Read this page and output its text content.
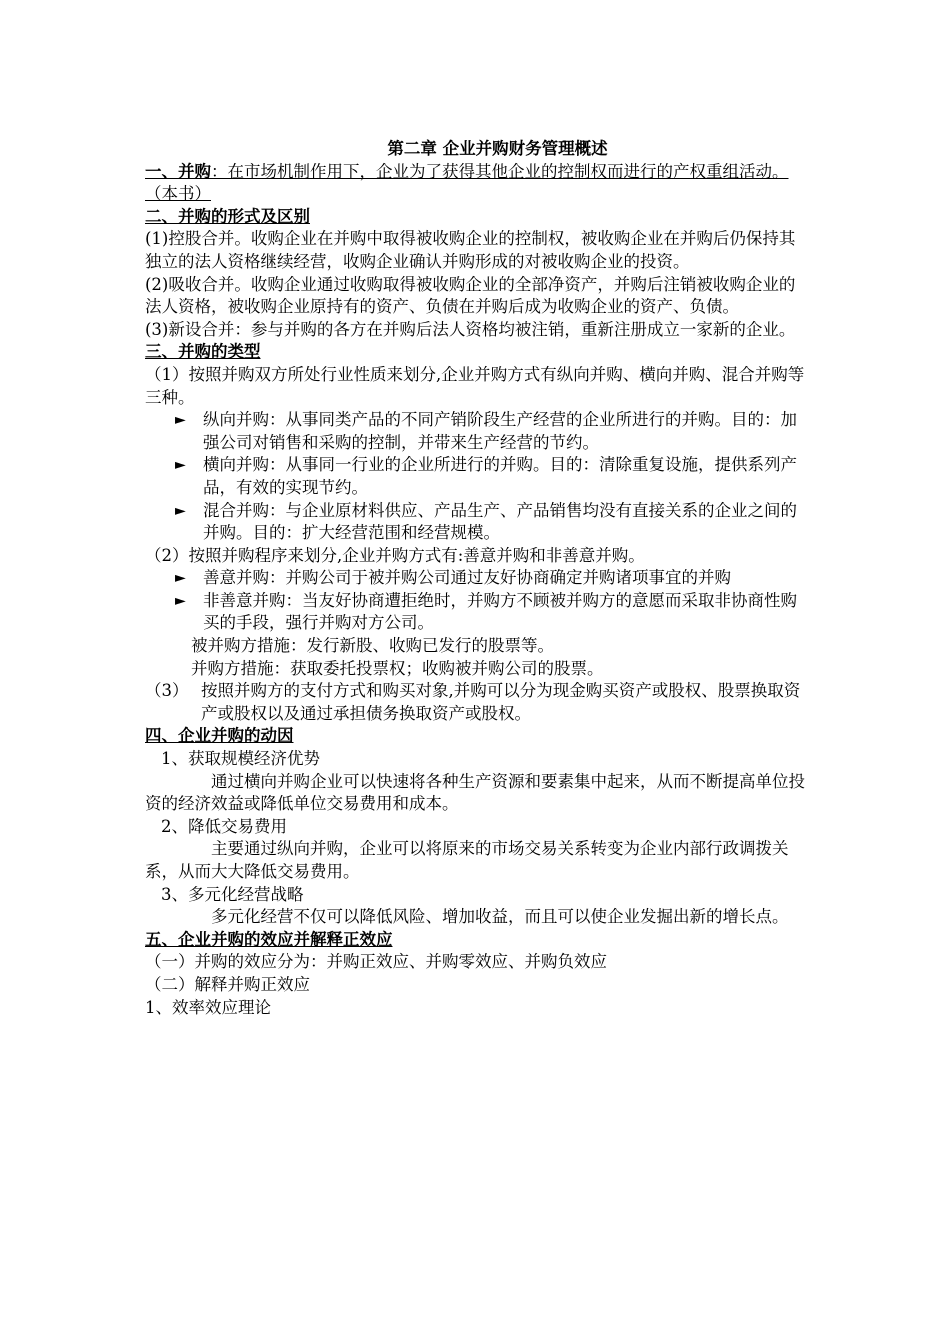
第二章 企业并购财务管理概述
一、并购：在市场机制作用下，企业为了获得其他企业的控制权而进行的产权重组活动。（本书）
二、并购的形式及区别
(1)控股合并。收购企业在并购中取得被收购企业的控制权，被收购企业在并购后仍保持其独立的法人资格继续经营，收购企业确认并购形成的对被收购企业的投资。
(2)吸收合并。收购企业通过收购取得被收购企业的全部净资产，并购后注销被收购企业的法人资格，被收购企业原持有的资产、负债在并购后成为收购企业的资产、负债。
(3)新设合并：参与并购的各方在并购后法人资格均被注销，重新注册成立一家新的企业。
三、并购的类型
（1）按照并购双方所处行业性质来划分,企业并购方式有纵向并购、横向并购、混合并购等三种。
► 纵向并购：从事同类产品的不同产销阶段生产经营的企业所进行的并购。目的：加强公司对销售和采购的控制，并带来生产经营的节约。
► 横向并购：从事同一行业的企业所进行的并购。目的：清除重复设施，提供系列产品，有效的实现节约。
► 混合并购：与企业原材料供应、产品生产、产品销售均没有直接关系的企业之间的并购。目的：扩大经营范围和经营规模。
（2）按照并购程序来划分,企业并购方式有:善意并购和非善意并购。
► 善意并购：并购公司于被并购公司通过友好协商确定并购诸项事宜的并购
► 非善意并购：当友好协商遭拒绝时，并购方不顾被并购方的意愿而采取非协商性购买的手段，强行并购对方公司。
被并购方措施：发行新股、收购已发行的股票等。
并购方措施：获取委托投票权；收购被并购公司的股票。
（3） 按照并购方的支付方式和购买对象,并购可以分为现金购买资产或股权、股票换取资产或股权以及通过承担债务换取资产或股权。
四、企业并购的动因
1、获取规模经济优势
通过横向并购企业可以快速将各种生产资源和要素集中起来，从而不断提高单位投资的经济效益或降低单位交易费用和成本。
2、降低交易费用
主要通过纵向并购，企业可以将原来的市场交易关系转变为企业内部行政调拨关系，从而大大降低交易费用。
3、多元化经营战略
多元化经营不仅可以降低风险、增加收益，而且可以使企业发掘出新的增长点。
五、企业并购的效应并解释正效应
（一）并购的效应分为：并购正效应、并购零效应、并购负效应
（二）解释并购正效应
1、效率效应理论
